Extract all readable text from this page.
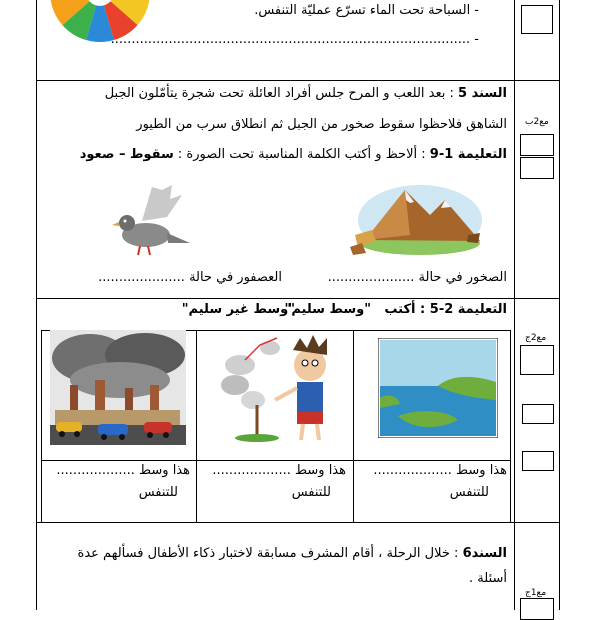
- السباحة تحت الماء تسرّع عمليّة التنفس.
- .......................................................................................
السند 5 : بعد اللعب و المرح جلس أفراد العائلة تحت شجرة يتأمّلون الجبل
الشاهق فلاحظوا سقوط صخور من الجبل ثم انطلاق سرب من الطيور مع2ب
التعليمة 1-9 : ألاحظ و أكتب الكلمة المناسبة تحت الصورة : سقوط – صعود
الصخور في حالة .....................
العصفور في حالة .....................
التعليمة 2-5 : أكتب
"وسط سليم"
"وسط غير سليم"
مع2ج
هذا وسط ...................
للتنفس
هذا وسط ...................
للتنفس
هذا وسط ...................
للتنفس
السند6 : خلال الرحلة ، أقام المشرف مسابقة لاختبار ذكاء الأطفال فسألهم عدة
أسئلة .
مع1ج
